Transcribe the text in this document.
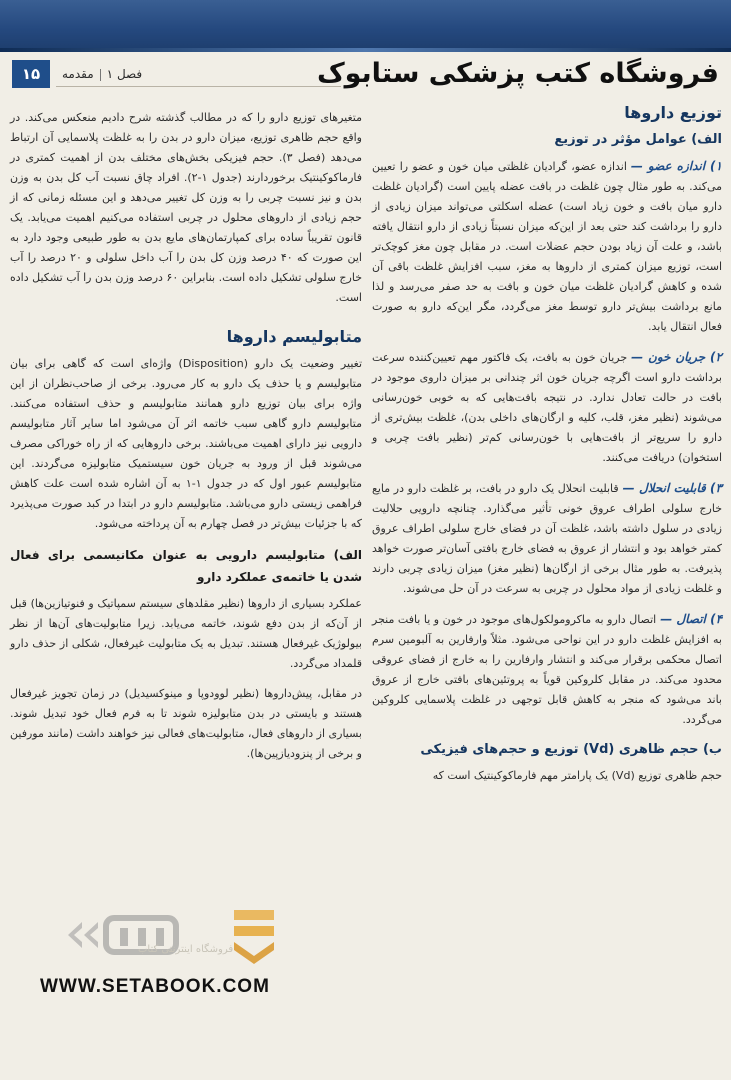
۱۵	فصل ۱مقدمه	فروشگاه کتب پزشکی ستابوک
توزیع داروها
الف) عوامل مؤثر در توزیع

۱) اندازه عضو —اندازه عضو، گرادیان غلظتی میان خون و عضو را تعیین می‌کند. به طور مثال چون غلظت در بافت عضله پایین است (گرادیان غلظت دارو میان بافت و خون زیاد است) عضله اسکلتی می‌تواند میزان زیادی از دارو را برداشت کند حتی بعد از این‌که میزان نسبتاً زیادی از دارو انتقال یافته باشد، و علت آن زیاد بودن حجم عضلات است. در مقابل چون مغز کوچک‌تر است، توزیع میزان کمتری از داروها به مغز، سبب افزایش غلظت باقی آن شده و کاهش گرادیان غلظت میان خون و بافت به حد صفر می‌رسد و لذا مانع برداشت بیش‌تر دارو توسط مغز می‌گردد، مگر این‌که دارو به صورت فعال انتقال یابد.

۲) جریان خون —جریان خون به بافت، یک فاکتور مهم تعیین‌کننده سرعت برداشت دارو است اگرچه جریان خون اثر چندانی بر میزان داروی موجود در بافت در حالت تعادل ندارد. در نتیجه بافت‌هایی که به خوبی خون‌رسانی می‌شوند (نظیر مغز، قلب، کلیه و ارگان‌های داخلی بدن)، غلظت بیش‌تری از دارو را سریع‌تر از بافت‌هایی با خون‌رسانی کم‌تر (نظیر بافت چربی و استخوان) دریافت می‌کنند.

۳) قابلیت انحلال —قابلیت انحلال یک دارو در بافت، بر غلظت دارو در مایع خارج سلولی اطراف عروق خونی تأثیر می‌گذارد. چنانچه دارویی حلالیت زیادی در سلول داشته باشد، غلظت آن در فضای خارج سلولی اطراف عروق کمتر خواهد بود و انتشار از عروق به فضای خارج بافتی آسان‌تر صورت خواهد پذیرفت. به طور مثال برخی از ارگان‌ها (نظیر مغز) میزان زیادی چربی دارند و غلظت زیادی از مواد محلول در چربی به سرعت در آن حل می‌شوند.

۴) اتصال —اتصال دارو به ماکرومولکول‌های موجود در خون و یا بافت منجر به افزایش غلظت دارو در این نواحی می‌شود. مثلاً وارفارین به آلبومین سرم اتصال محکمی برقرار می‌کند و انتشار وارفارین را به خارج از فضای عروقی محدود می‌کند. در مقابل کلروکین قویاً به پروتئین‌های بافتی خارج از عروق باند می‌شود که منجر به کاهش قابل توجهی در غلظت پلاسمایی کلروکین می‌گردد.

ب) حجم ظاهری (Vd) توزیع و حجم‌های فیزیکی

حجم ظاهری توزیع (Vd) یک پارامتر مهم فارماکوکینتیک است که

متغیرهای توزیع دارو را که در مطالب گذشته شرح دادیم منعکس می‌کند. در واقع حجم ظاهری توزیع، میزان دارو در بدن را به غلظت پلاسمایی آن ارتباط می‌دهد (فصل ۳). حجم فیزیکی بخش‌های مختلف بدن از اهمیت کمتری در فارماکوکینتیک برخوردارند (جدول ۱-۲). افراد چاق نسبت آب کل بدن به وزن بدن و نیز نسبت چربی را به وزن کل تغییر می‌دهد و این مسئله زمانی که از حجم زیادی از داروهای محلول در چربی استفاده می‌کنیم اهمیت می‌یابد. یک قانون تقریباً ساده برای کمپارتمان‌های مایع بدن به طور طبیعی وجود دارد به این صورت که ۴۰ درصد وزن کل بدن را آب داخل سلولی و ۲۰ درصد را آب خارج سلولی تشکیل داده است. بنابراین ۶۰ درصد وزن بدن را آب تشکیل داده است.

متابولیسم داروها

تغییر وضعیت یک دارو (Disposition) واژه‌ای است که گاهی برای بیان متابولیسم و یا حذف یک دارو به کار می‌رود. برخی از صاحب‌نظران از این واژه برای بیان توزیع دارو همانند متابولیسم و حذف استفاده می‌کنند. متابولیسم دارو گاهی سبب خاتمه اثر آن می‌شود اما سایر آثار متابولیسم دارویی نیز دارای اهمیت می‌باشند. برخی داروهایی که از راه خوراکی مصرف می‌شوند قبل از ورود به جریان خون سیستمیک متابولیزه می‌گردند. این متابولیسم عبور اول که در جدول ۱-۱ به آن اشاره شده است علت کاهش فراهمی زیستی دارو می‌باشد. متابولیسم دارو در ابتدا در کبد صورت می‌پذیرد که با جزئیات بیش‌تر در فصل چهارم به آن پرداخته می‌شود.

الف) متابولیسم دارویی به عنوان مکانیسمی برای فعال شدن یا خاتمه‌ی عملکرد دارو

عملکرد بسیاری از داروها (نظیر مقلدهای سیستم سمپاتیک و فنوتیازین‌ها) قبل از آن‌که از بدن دفع شوند، خاتمه می‌یابد. زیرا متابولیت‌های آن‌ها از نظر بیولوژیک غیرفعال هستند. تبدیل به یک متابولیت غیرفعال، شکلی از حذف دارو قلمداد می‌گردد.

در مقابل، پیش‌داروها (نظیر لوودوپا و مینوکسیدیل) در زمان تجویز غیرفعال هستند و بایستی در بدن متابولیزه شوند تا به فرم فعال خود تبدیل شوند. بسیاری از داروهای فعال، متابولیت‌های فعالی نیز خواهند داشت (مانند مورفین و برخی از پنزودیازپین‌ها).

فروشگاه اینترنتی کتاب
WWW.SETABOOK.COM
